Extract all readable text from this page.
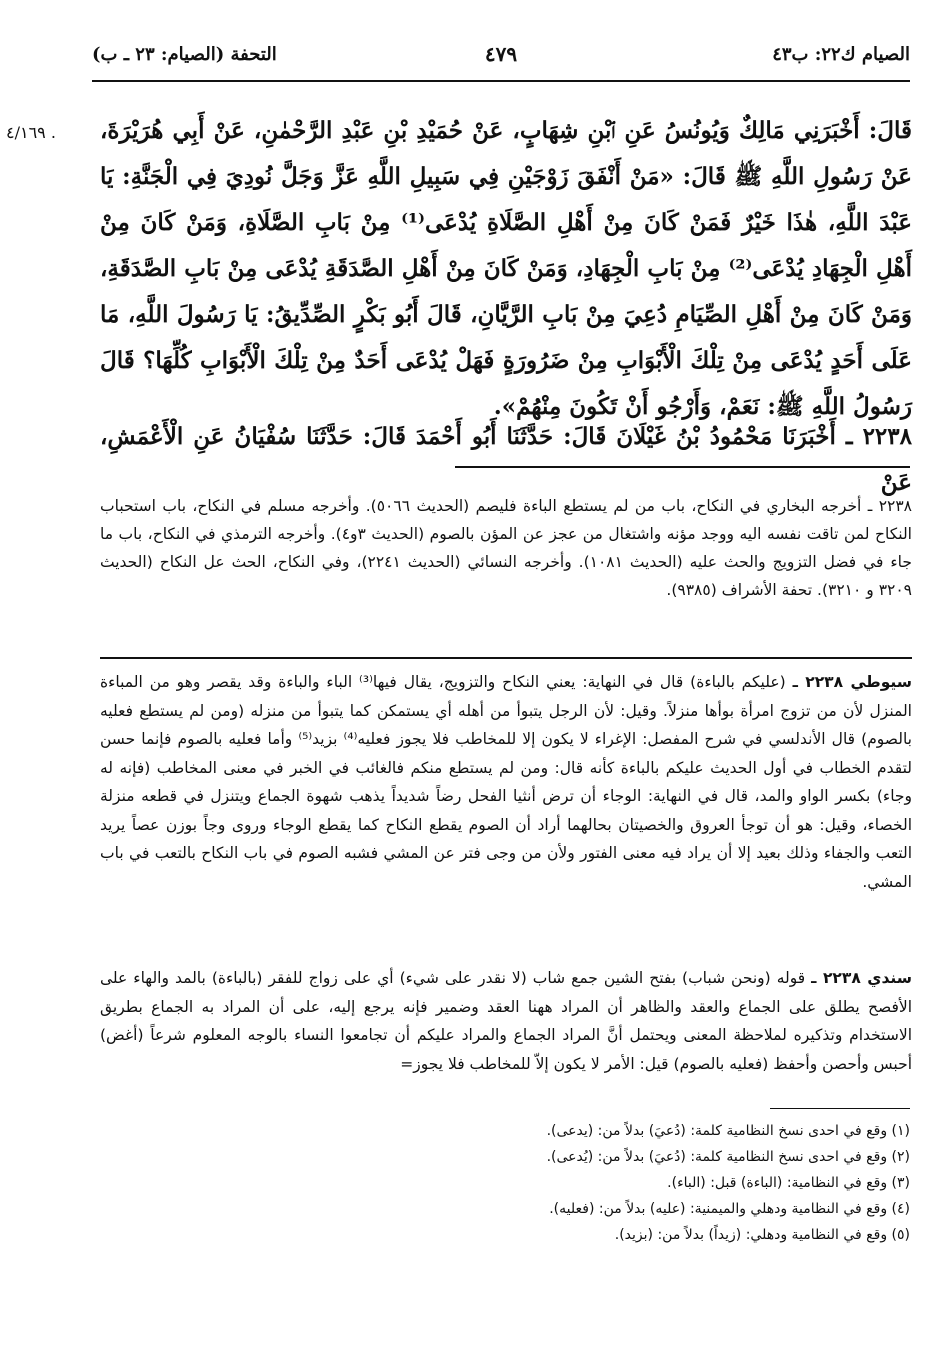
الصيام ك٢٢: ب٤٣
٤٧٩
التحفة (الصيام: ٢٣ ـ ب)
٤/١٦٩ . قَالَ: أَخْبَرَنِي مَالِكٌ وَيُونُسُ عَنِ ٱبْنِ شِهَابٍ، عَنْ حُمَيْدِ بْنِ عَبْدِ الرَّحْمٰنِ، عَنْ أَبِي هُرَيْرَةَ، عَنْ رَسُولِ اللَّهِ ﷺ قَالَ: «مَنْ أَنْفَقَ زَوْجَيْنِ فِي سَبِيلِ اللَّهِ عَزَّ وَجَلَّ نُودِيَ فِي الْجَنَّةِ: يَا عَبْدَ اللَّهِ، هٰذَا خَيْرٌ فَمَنْ كَانَ مِنْ أَهْلِ الصَّلَاةِ يُدْعَى⁽¹⁾ مِنْ بَابِ الصَّلَاةِ، وَمَنْ كَانَ مِنْ أَهْلِ الْجِهَادِ يُدْعَى⁽²⁾ مِنْ بَابِ الْجِهَادِ، وَمَنْ كَانَ مِنْ أَهْلِ الصَّدَقَةِ يُدْعَى مِنْ بَابِ الصَّدَقَةِ، وَمَنْ كَانَ مِنْ أَهْلِ الصِّيَامِ دُعِيَ مِنْ بَابِ الرَّيَّانِ، قَالَ أَبُو بَكْرٍ الصِّدِّيقُ: يَا رَسُولَ اللَّهِ، مَا عَلَى أَحَدٍ يُدْعَى مِنْ تِلْكَ الْأَبْوَابِ مِنْ ضَرُورَةٍ فَهَلْ يُدْعَى أَحَدٌ مِنْ تِلْكَ الْأَبْوَابِ كُلِّهَا؟ قَالَ رَسُولُ اللَّهِ ﷺ: نَعَمْ، وَأَرْجُو أَنْ تَكُونَ مِنْهُمْ».

٢٢٣٨ ـ أَخْبَرَنَا مَحْمُودُ بْنُ غَيْلَانَ قَالَ: حَدَّثَنَا أَبُو أَحْمَدَ قَالَ: حَدَّثَنَا سُفْيَانُ عَنِ الْأَعْمَشِ، عَنْ
٢٢٣٨ ـ أخرجه البخاري في النكاح، باب من لم يستطع الباءة فليصم (الحديث ٥٠٦٦). وأخرجه مسلم في النكاح، باب استحباب النكاح لمن تاقت نفسه اليه ووجد مؤنه واشتغال من عجز عن المؤن بالصوم (الحديث ٣و٤). وأخرجه الترمذي في النكاح، باب ما جاء في فضل التزويج والحث عليه (الحديث ١٠٨١). وأخرجه النسائي (الحديث ٢٢٤١)، وفي النكاح، الحث عل النكاح (الحديث ٣٢٠٩ و ٣٢١٠). تحفة الأشراف (٩٣٨٥).
سيوطي ٢٢٣٨ ـ (عليكم بالباءة) قال في النهاية: يعني النكاح والتزويج، يقال فيها⁽³⁾ الباء والباءة وقد يقصر وهو من المباءة المنزل لأن من تزوج امرأة بوأها منزلاً. وقيل: لأن الرجل يتبوأ من أهله أي يستمكن كما يتبوأ من منزله (ومن لم يستطع فعليه بالصوم) قال الأندلسي في شرح المفصل: الإغراء لا يكون إلا للمخاطب فلا يجوز فعليه⁽⁴⁾ بزيد⁽⁵⁾ وأما فعليه بالصوم فإنما حسن لتقدم الخطاب في أول الحديث عليكم بالباءة كأنه قال: ومن لم يستطع منكم فالغائب في الخبر في معنى المخاطب (فإنه له وجاء) بكسر الواو والمد، قال في النهاية: الوجاء أن ترض أنثيا الفحل رضاً شديداً يذهب شهوة الجماع ويتنزل في قطعه منزلة الخصاء، وقيل: هو أن توجأ العروق والخصيتان بحالهما أراد أن الصوم يقطع النكاح كما يقطع الوجاء وروى وجاً بوزن عصاً يريد التعب والجفاء وذلك بعيد إلا أن يراد فيه معنى الفتور ولأن من وجى فتر عن المشي فشبه الصوم في باب النكاح بالتعب في باب المشي.
سندي ٢٢٣٨ ـ قوله (ونحن شباب) بفتح الشين جمع شاب (لا نقدر على شيء) أي على زواج للفقر (بالباءة) بالمد والهاء على الأفصح يطلق على الجماع والعقد والظاهر أن المراد ههنا العقد وضمير فإنه يرجع إليه، على أن المراد به الجماع بطريق الاستخدام وتذكيره لملاحظة المعنى ويحتمل أنَّ المراد الجماع والمراد عليكم أن تجامعوا النساء بالوجه المعلوم شرعاً (أغض) أحبس وأحصن وأحفظ (فعليه بالصوم) قيل: الأمر لا يكون إلاّ للمخاطب فلا يجوز=
(١) وقع في احدى نسخ النظامية كلمة: (دُعيَ) بدلاً من: (يدعى).
(٢) وقع في احدى نسخ النظامية كلمة: (دُعيَ) بدلاً من: (يُدعى).
(٣) وقع في النظامية: (الباءة) قبل: (الباء).
(٤) وقع في النظامية ودهلي والميمنية: (عليه) بدلاً من: (فعليه).
(٥) وقع في النظامية ودهلي: (زيداً) بدلاً من: (بزيد).
